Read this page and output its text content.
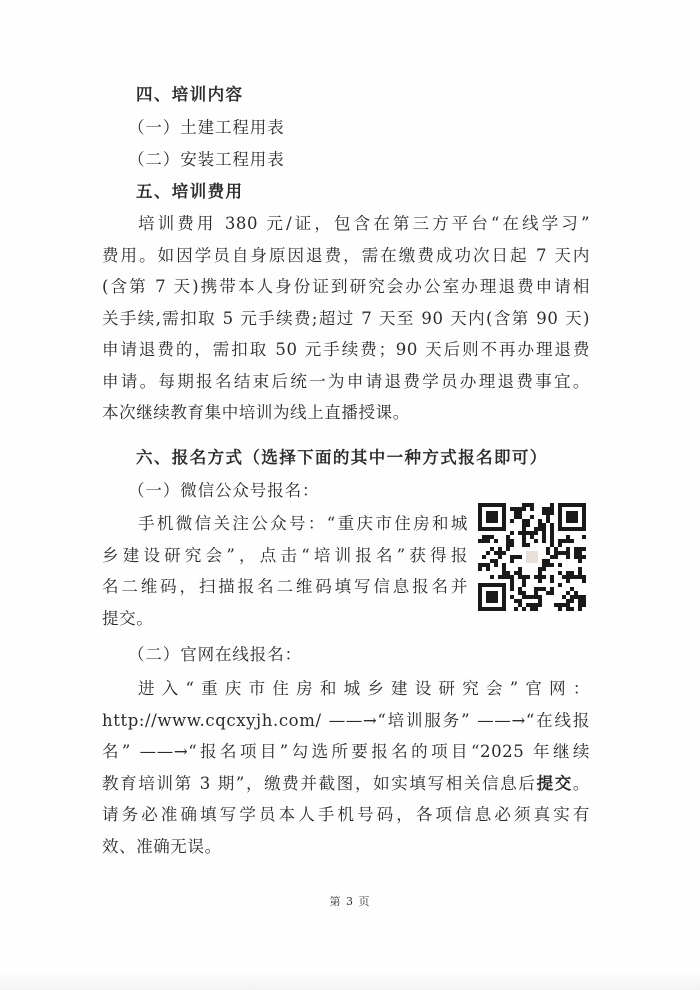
四、培训内容
（一）土建工程用表
（二）安装工程用表
五、培训费用
培训费用 380 元/证，包含在第三方平台“在线学习”
费用。如因学员自身原因退费，需在缴费成功次日起 7 天内
(含第 7 天)携带本人身份证到研究会办公室办理退费申请相
关手续,需扣取 5 元手续费;超过 7 天至 90 天内(含第 90 天)
申请退费的，需扣取 50 元手续费；90 天后则不再办理退费
申请。每期报名结束后统一为申请退费学员办理退费事宜。
本次继续教育集中培训为线上直播授课。
六、报名方式（选择下面的其中一种方式报名即可）
（一）微信公众号报名：
手机微信关注公众号：“重庆市住房和城
乡建设研究会”，点击“培训报名”获得报
名二维码，扫描报名二维码填写信息报名并
提交。
（二）官网在线报名：
进入“重庆市住房和城乡建设研究会”官网：
http://www.cqcxyjh.com/ ——→“培训服务” ——→“在线报
名” ——→“报名项目”勾选所要报名的项目“2025 年继续
教育培训第 3 期”，缴费并截图，如实填写相关信息后提交。
请务必准确填写学员本人手机号码，各项信息必须真实有
效、准确无误。
第 3 页
